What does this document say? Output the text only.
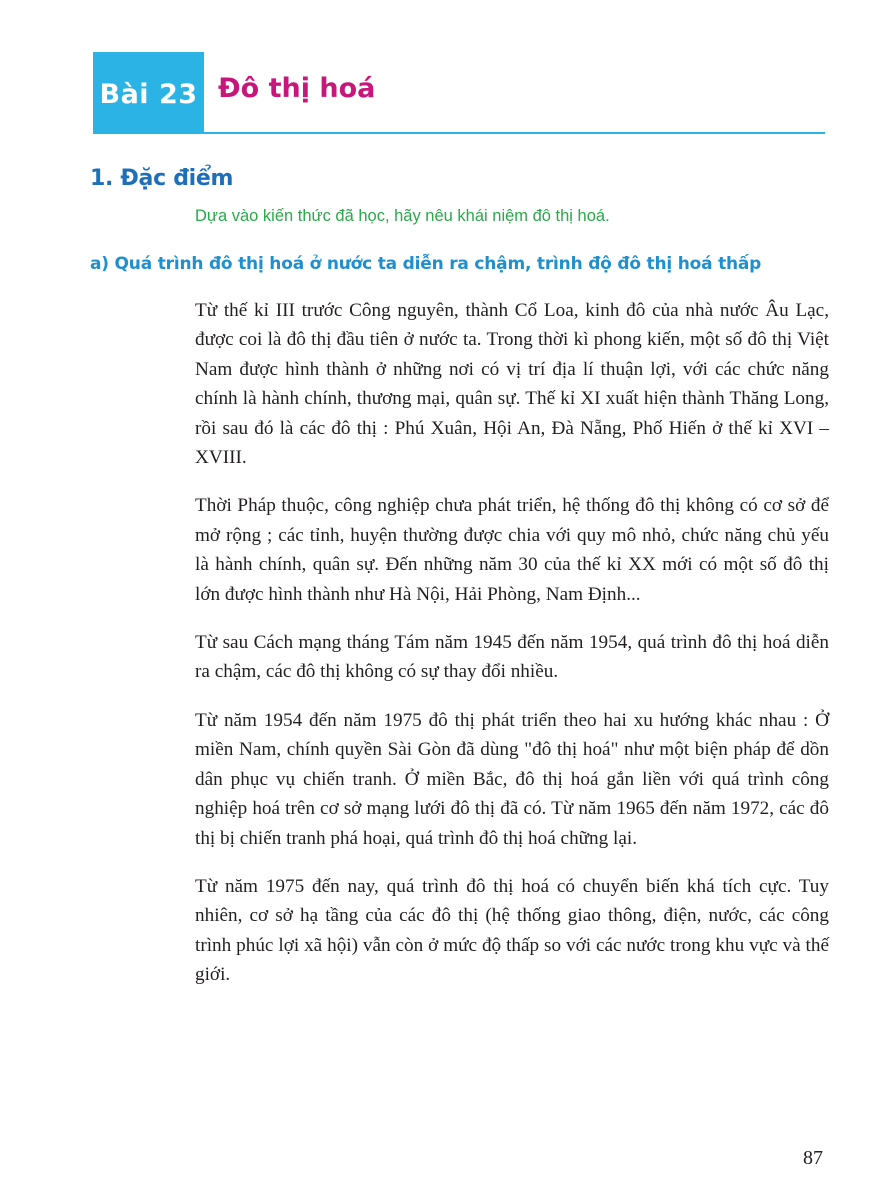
Bài 23 Đô thị hoá
1. Đặc điểm
Dựa vào kiến thức đã học, hãy nêu khái niệm đô thị hoá.
a) Quá trình đô thị hoá ở nước ta diễn ra chậm, trình độ đô thị hoá thấp

Từ thế kỉ III trước Công nguyên, thành Cổ Loa, kinh đô của nhà nước Âu Lạc, được coi là đô thị đầu tiên ở nước ta. Trong thời kì phong kiến, một số đô thị Việt Nam được hình thành ở những nơi có vị trí địa lí thuận lợi, với các chức năng chính là hành chính, thương mại, quân sự. Thế kỉ XI xuất hiện thành Thăng Long, rồi sau đó là các đô thị : Phú Xuân, Hội An, Đà Nẵng, Phố Hiến ở thế kỉ XVI – XVIII.

Thời Pháp thuộc, công nghiệp chưa phát triển, hệ thống đô thị không có cơ sở để mở rộng ; các tỉnh, huyện thường được chia với quy mô nhỏ, chức năng chủ yếu là hành chính, quân sự. Đến những năm 30 của thế kỉ XX mới có một số đô thị lớn được hình thành như Hà Nội, Hải Phòng, Nam Định...

Từ sau Cách mạng tháng Tám năm 1945 đến năm 1954, quá trình đô thị hoá diễn ra chậm, các đô thị không có sự thay đổi nhiều.

Từ năm 1954 đến năm 1975 đô thị phát triển theo hai xu hướng khác nhau : Ở miền Nam, chính quyền Sài Gòn đã dùng "đô thị hoá" như một biện pháp để dồn dân phục vụ chiến tranh. Ở miền Bắc, đô thị hoá gắn liền với quá trình công nghiệp hoá trên cơ sở mạng lưới đô thị đã có. Từ năm 1965 đến năm 1972, các đô thị bị chiến tranh phá hoại, quá trình đô thị hoá chững lại.

Từ năm 1975 đến nay, quá trình đô thị hoá có chuyển biến khá tích cực. Tuy nhiên, cơ sở hạ tầng của các đô thị (hệ thống giao thông, điện, nước, các công trình phúc lợi xã hội) vẫn còn ở mức độ thấp so với các nước trong khu vực và thế giới.

87
